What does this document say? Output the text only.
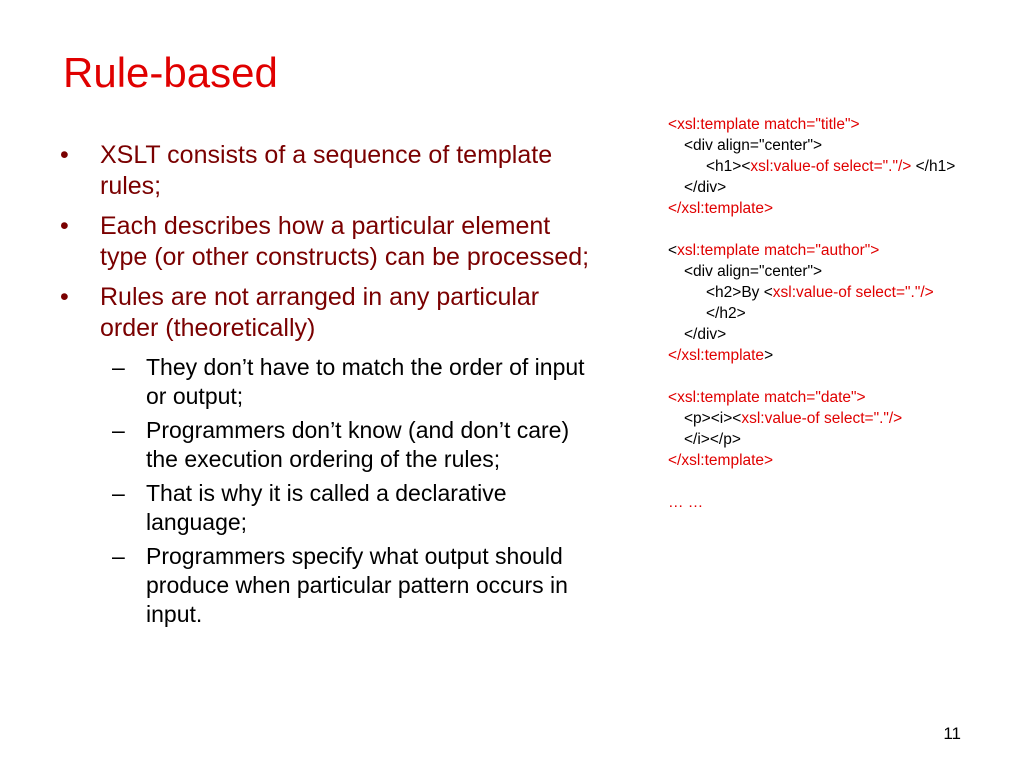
Rule-based
• XSLT consists of a sequence of template rules;
• Each describes how a particular element type (or other constructs) can be processed;
• Rules are not arranged in any particular order (theoretically)
– They don’t have to match the order of input or output;
– Programmers don’t know (and don’t care) the execution ordering of the rules;
– That is why it is called a declarative language;
– Programmers specify what output should produce when particular pattern occurs in input.
<xsl:template match="title">
<div align="center">
<h1><xsl:value-of select="."/> </h1>
</div>
</xsl:template>
<xsl:template match="author">
<div align="center">
<h2>By <xsl:value-of select="."/> </h2>
</div>
</xsl:template>
<xsl:template match="date">
<p><i><xsl:value-of select="."/> </i></p>
</xsl:template>
… …
11
